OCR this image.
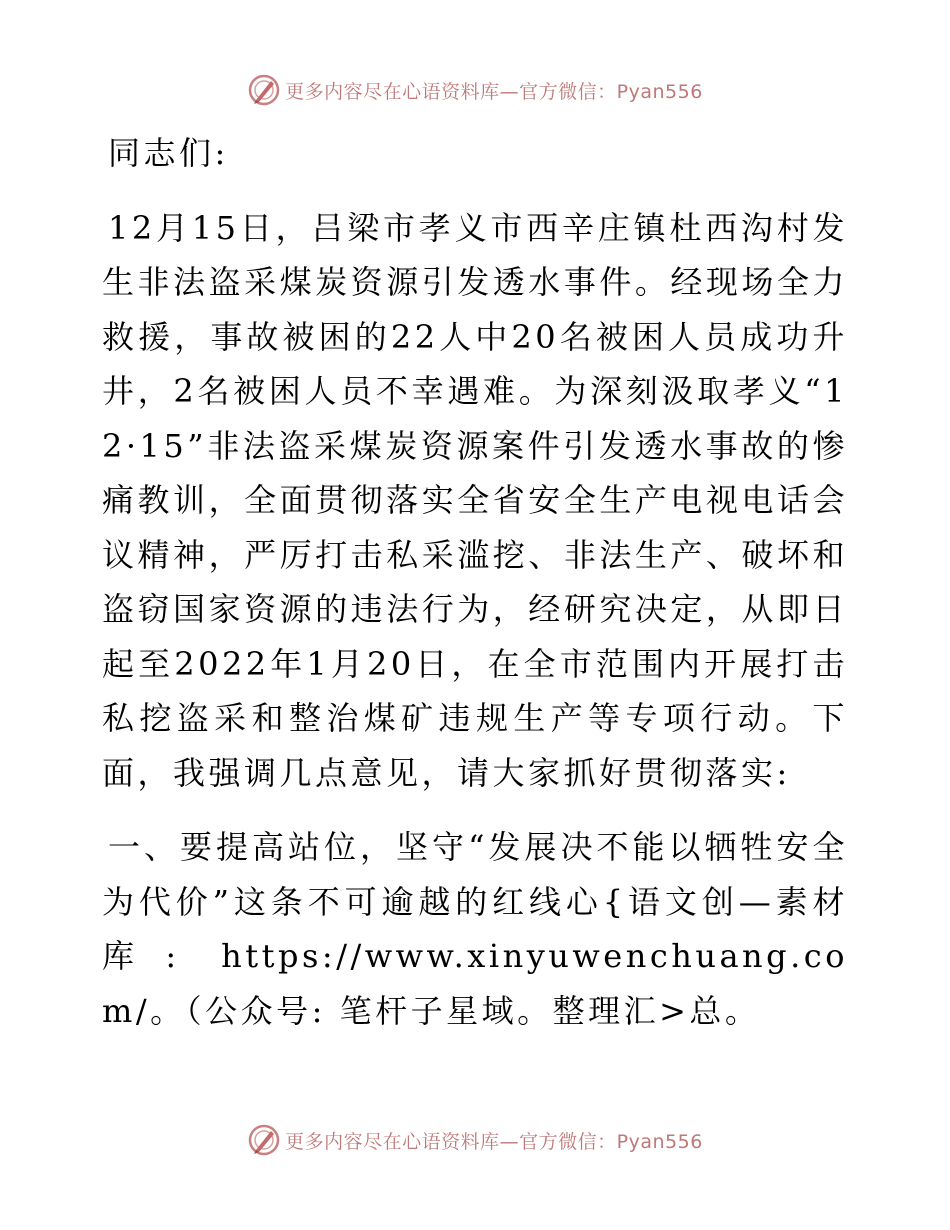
更多内容尽在心语资料库—官方微信：Pyan556

同志们:

12月15日，吕梁市孝义市西辛庄镇杜西沟村发生非法盗采煤炭资源引发透水事件。经现场全力救援，事故被困的22人中20名被困人员成功升井，2名被困人员不幸遇难。为深刻汲取孝义“12·15”非法盗采煤炭资源案件引发透水事故的惨痛教训，全面贯彻落实全省安全生产电视电话会议精神，严厉打击私采滥挖、非法生产、破坏和盗窃国家资源的违法行为，经研究决定，从即日起至2022年1月20日，在全市范围内开展打击私挖盗采和整治煤矿违规生产等专项行动。下面，我强调几点意见，请大家抓好贯彻落实:

一、要提高站位，坚守“发展决不能以牺牲安全为代价”这条不可逾越的红线心{语文创—素材库: https://www.xinyuwenchuang.com/。（公众号: 笔杆子星域。整理汇>总。

更多内容尽在心语资料库—官方微信：Pyan556
